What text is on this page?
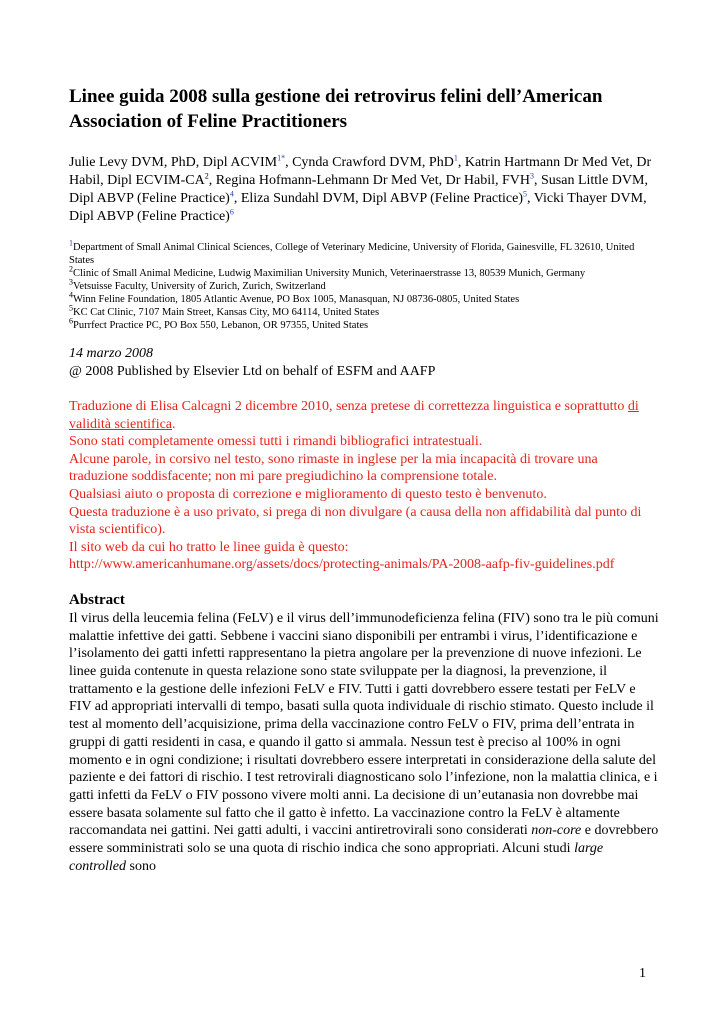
Linee guida 2008 sulla gestione dei retrovirus felini dell’American Association of Feline Practitioners

Julie Levy DVM, PhD, Dipl $ACVIM^{1*}$, Cynda Crawford DVM, PhD$^1$, Katrin Hartmann Dr Med Vet, Dr Habil, Dipl ECVIM-$CA^2$, Regina Hofmann-Lehmann Dr Med Vet, Dr Habil, FVH$^3$, Susan Little DVM, Dipl ABVP (Feline Practice)$^4$, Eliza Sundahl DVM, Dipl ABVP (Feline Practice)$^5$, Vicki Thayer DVM, Dipl ABVP (Feline Practice)$^6$

$^1$Department of Small Animal Clinical Sciences, College of Veterinary Medicine, University of Florida, Gainesville, FL 32610, United States
$^2$Clinic of Small Animal Medicine, Ludwig Maximilian University Munich, Veterinaerstrasse 13, 80539 Munich, Germany
$^3$Vetsuisse Faculty, University of Zurich, Zurich, Switzerland
$^4$Winn Feline Foundation, 1805 Atlantic Avenue, PO Box 1005, Manasquan, NJ 08736-0805, United States
$^5$KC Cat Clinic, 7107 Main Street, Kansas City, MO 64114, United States
$^6$Purrfect Practice PC, PO Box 550, Lebanon, OR 97355, United States
14 marzo 2008
@ 2008 Published by Elsevier Ltd on behalf of ESFM and AAFP
Traduzione di Elisa Calcagni 2 dicembre 2010, senza pretese di correttezza linguistica e soprattutto di validità scientifica.
Sono stati completamente omessi tutti i rimandi bibliografici intratestuali.
Alcune parole, in corsivo nel testo, sono rimaste in inglese per la mia incapacità di trovare una traduzione soddisfacente; non mi pare pregiudichino la comprensione totale.
Qualsiasi aiuto o proposta di correzione e miglioramento di questo testo è benvenuto.
Questa traduzione è a uso privato, si prega di non divulgare (a causa della non affidabilità dal punto di vista scientifico).
Il sito web da cui ho tratto le linee guida è questo:
http://www.americanhumane.org/assets/docs/protecting-animals/PA-2008-aafp-fiv-guidelines.pdf
Abstract

Il virus della leucemia felina (FeLV) e il virus dell’immunodeficienza felina (FIV) sono tra le più comuni malattie infettive dei gatti. Sebbene i vaccini siano disponibili per entrambi i virus, l’identificazione e l’isolamento dei gatti infetti rappresentano la pietra angolare per la prevenzione di nuove infezioni. Le linee guida contenute in questa relazione sono state sviluppate per la diagnosi, la prevenzione, il trattamento e la gestione delle infezioni FeLV e FIV. Tutti i gatti dovrebbero essere testati per FeLV e FIV ad appropriati intervalli di tempo, basati sulla quota individuale di rischio stimato. Questo include il test al momento dell’acquisizione, prima della vaccinazione contro FeLV o FIV, prima dell’entrata in gruppi di gatti residenti in casa, e quando il gatto si ammala. Nessun test è preciso al 100% in ogni momento e in ogni condizione; i risultati dovrebbero essere interpretati in considerazione della salute del paziente e dei fattori di rischio. I test retrovirali diagnosticano solo l’infezione, non la malattia clinica, e i gatti infetti da FeLV o FIV possono vivere molti anni. La decisione di un’eutanasia non dovrebbe mai essere basata solamente sul fatto che il gatto è infetto. La vaccinazione contro la FeLV è altamente raccomandata nei gattini. Nei gatti adulti, i vaccini antiretrovirali sono considerati non-core e dovrebbero essere somministrati solo se una quota di rischio indica che sono appropriati. Alcuni studi large controlled sono

1
